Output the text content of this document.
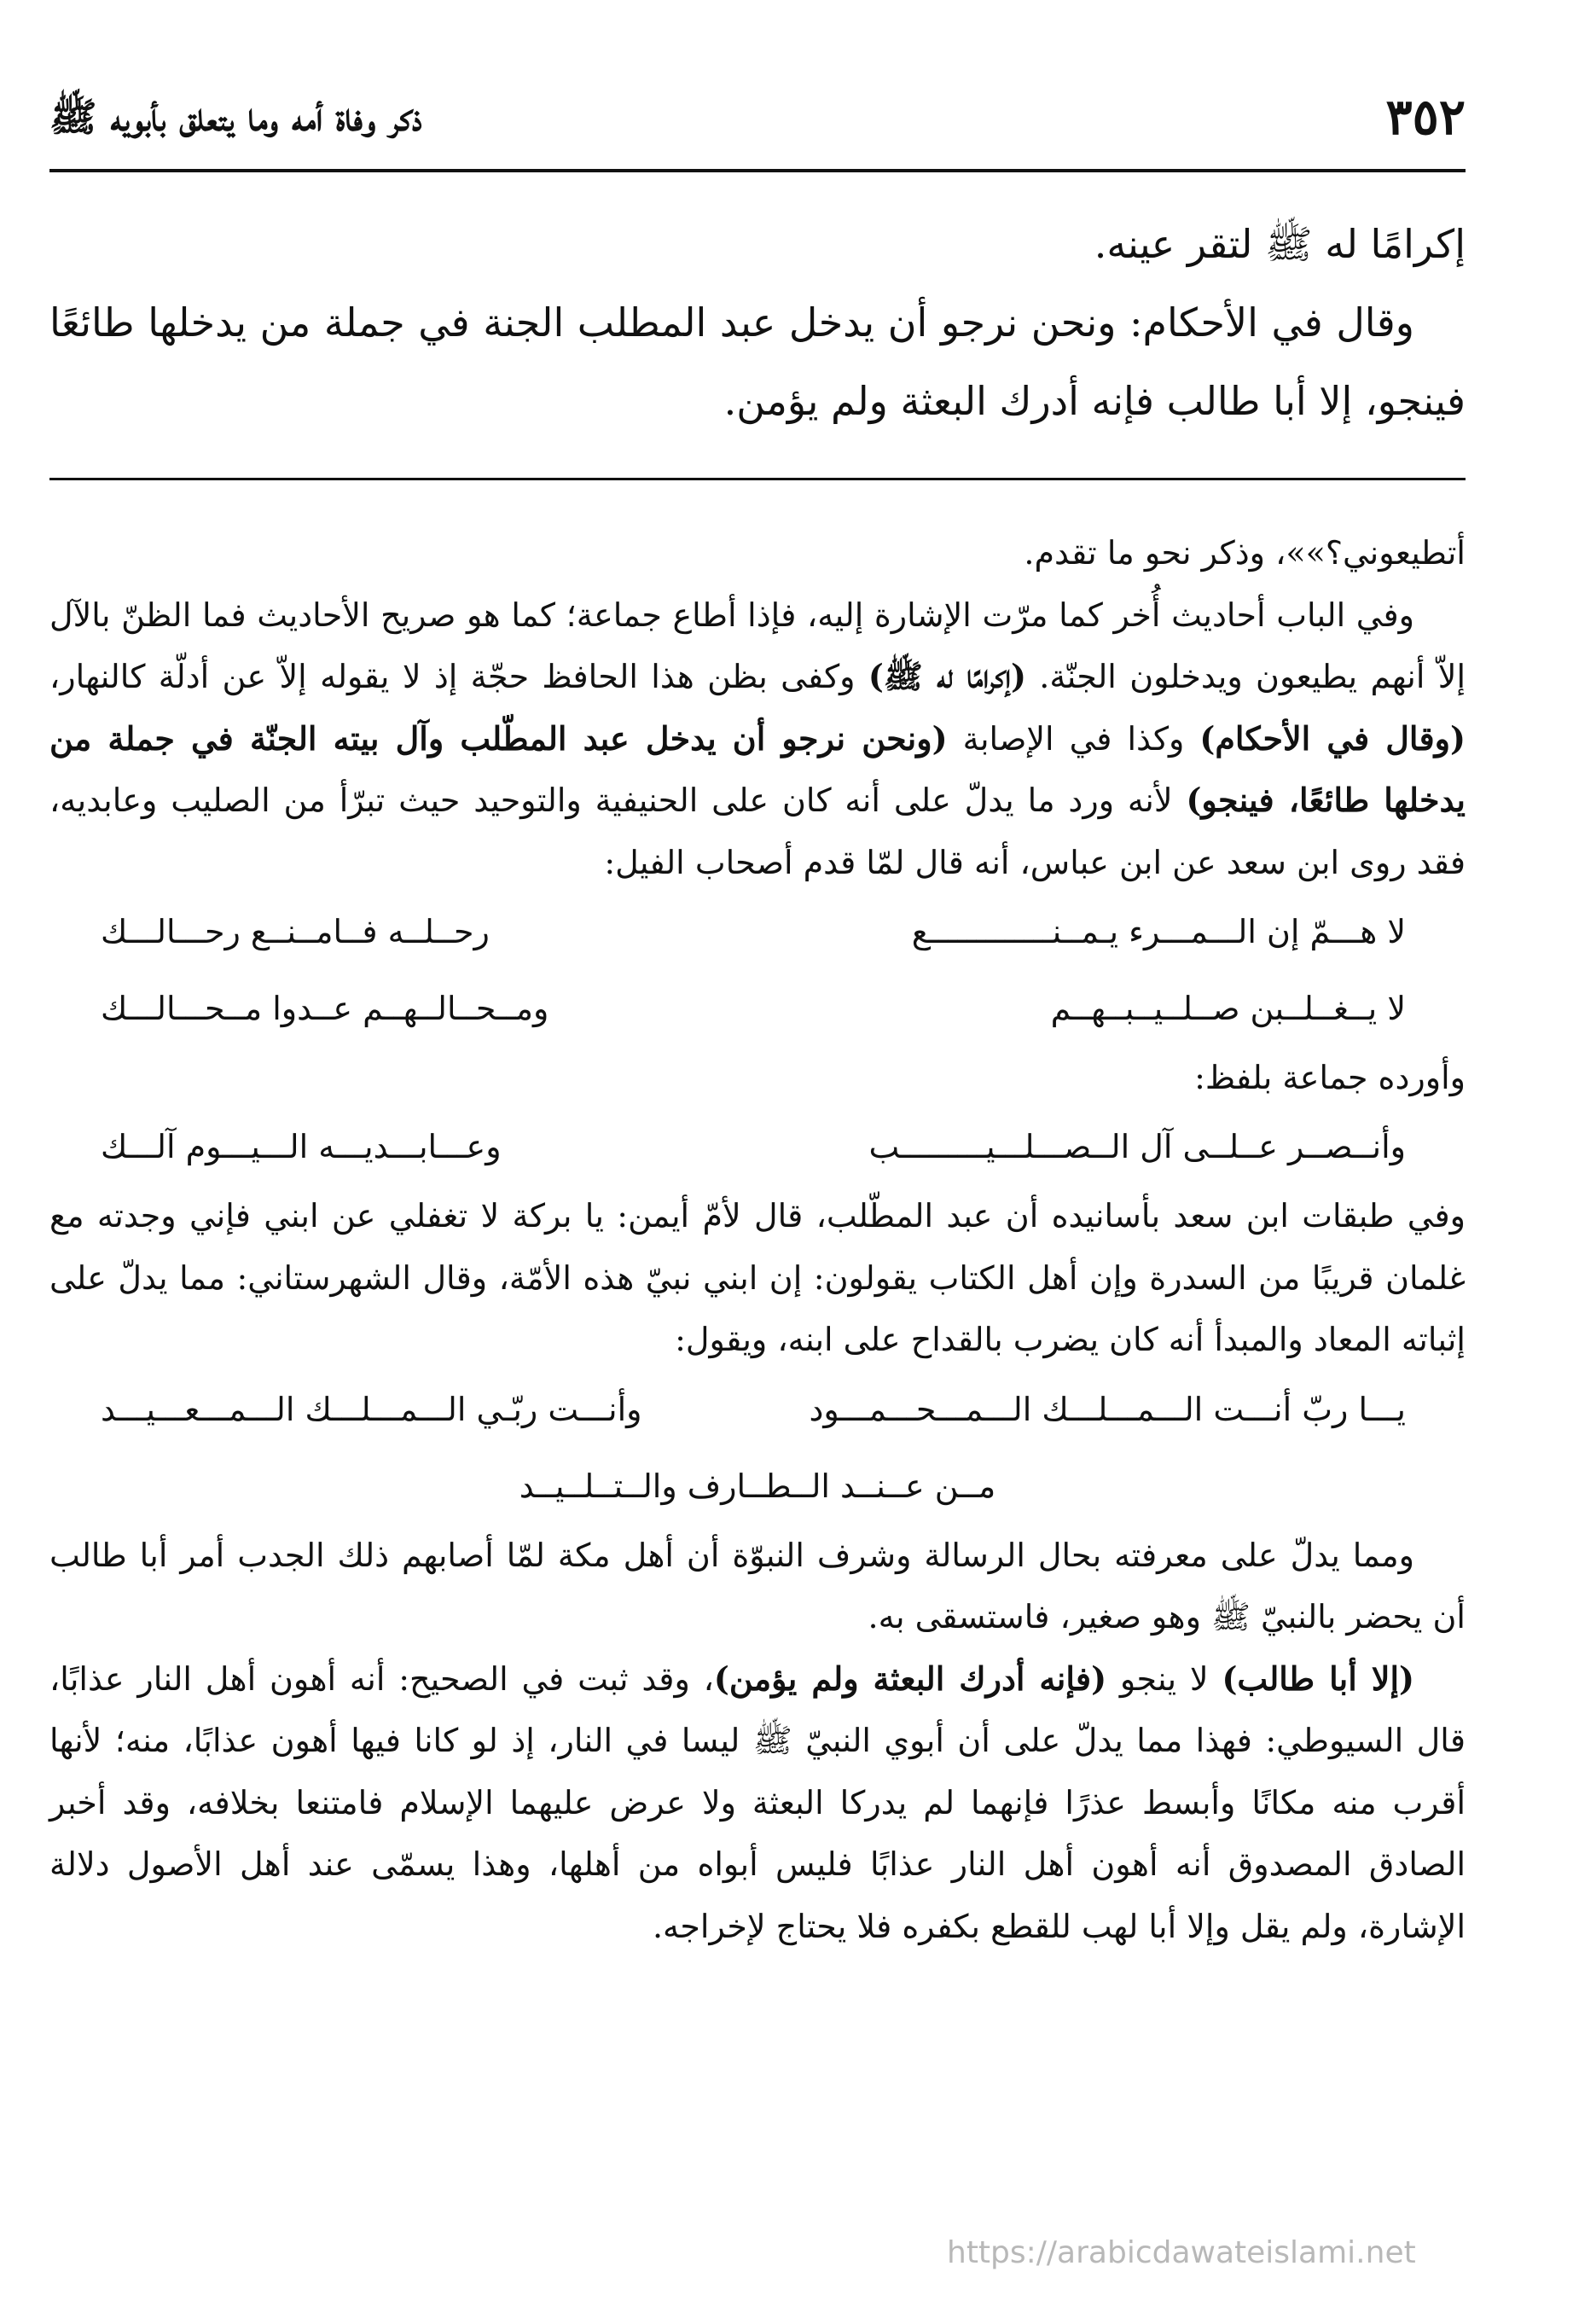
٣٥٢
ذكر وفاة أمه وما يتعلق بأبويه ﷺ

إكرامًا له ﷺ لتقر عينه.

وقال في الأحكام: ونحن نرجو أن يدخل عبد المطلب الجنة في جملة من يدخلها طائعًا فينجو، إلا أبا طالب فإنه أدرك البعثة ولم يؤمن.

أتطيعوني؟»»، وذكر نحو ما تقدم.

وفي الباب أحاديث أُخر كما مرّت الإشارة إليه، فإذا أطاع جماعة؛ كما هو صريح الأحاديث فما الظنّ بالآل إلاّ أنهم يطيعون ويدخلون الجنّة. (إكرامًا له ﷺ) وكفى بظن هذا الحافظ حجّة إذ لا يقوله إلاّ عن أدلّة كالنهار، (وقال في الأحكام) وكذا في الإصابة (ونحن نرجو أن يدخل عبد المطّلب وآل بيته الجنّة في جملة من يدخلها طائعًا، فينجو) لأنه ورد ما يدلّ على أنه كان على الحنيفية والتوحيد حيث تبرّأ من الصليب وعابديه، فقد روى ابن سعد عن ابن عباس، أنه قال لمّا قدم أصحاب الفيل:

لا هـــمّ إن الـــمـــرء يـمــنـــــــــــــع
رحــلــه فــامــنــع رحـــالـــك
لا يــغــلــبن صــلــيــبــهــم
ومــحــالــهــم عــدوا مــحـــالـــك

وأورده جماعة بلفظ:

وأنــصــر عــلــى آل الــصـــلـــيـــــــــب
وعـــابـــديـــه الـــيـــوم آلـــك

وفي طبقات ابن سعد بأسانيده أن عبد المطّلب، قال لأمّ أيمن: يا بركة لا تغفلي عن ابني فإني وجدته مع غلمان قريبًا من السدرة وإن أهل الكتاب يقولون: إن ابني نبيّ هذه الأمّة، وقال الشهرستاني: مما يدلّ على إثباته المعاد والمبدأ أنه كان يضرب بالقداح على ابنه، ويقول:

يـــا ربّ أنـــت الـــمـــلـــك الـــمـــحـــمـــود
وأنـــت ربّـي الـــمـــلـــك الـــمـــعـــيـــد
مــن عــنــد الــطــارف والــتــلــيــد

ومما يدلّ على معرفته بحال الرسالة وشرف النبوّة أن أهل مكة لمّا أصابهم ذلك الجدب أمر أبا طالب أن يحضر بالنبيّ ﷺ وهو صغير، فاستسقى به.

(إلا أبا طالب) لا ينجو (فإنه أدرك البعثة ولم يؤمن)، وقد ثبت في الصحيح: أنه أهون أهل النار عذابًا، قال السيوطي: فهذا مما يدلّ على أن أبوي النبيّ ﷺ ليسا في النار، إذ لو كانا فيها أهون عذابًا، منه؛ لأنها أقرب منه مكانًا وأبسط عذرًا فإنهما لم يدركا البعثة ولا عرض عليهما الإسلام فامتنعا بخلافه، وقد أخبر الصادق المصدوق أنه أهون أهل النار عذابًا فليس أبواه من أهلها، وهذا يسمّى عند أهل الأصول دلالة الإشارة، ولم يقل وإلا أبا لهب للقطع بكفره فلا يحتاج لإخراجه.

https://arabicdawateislami.net
